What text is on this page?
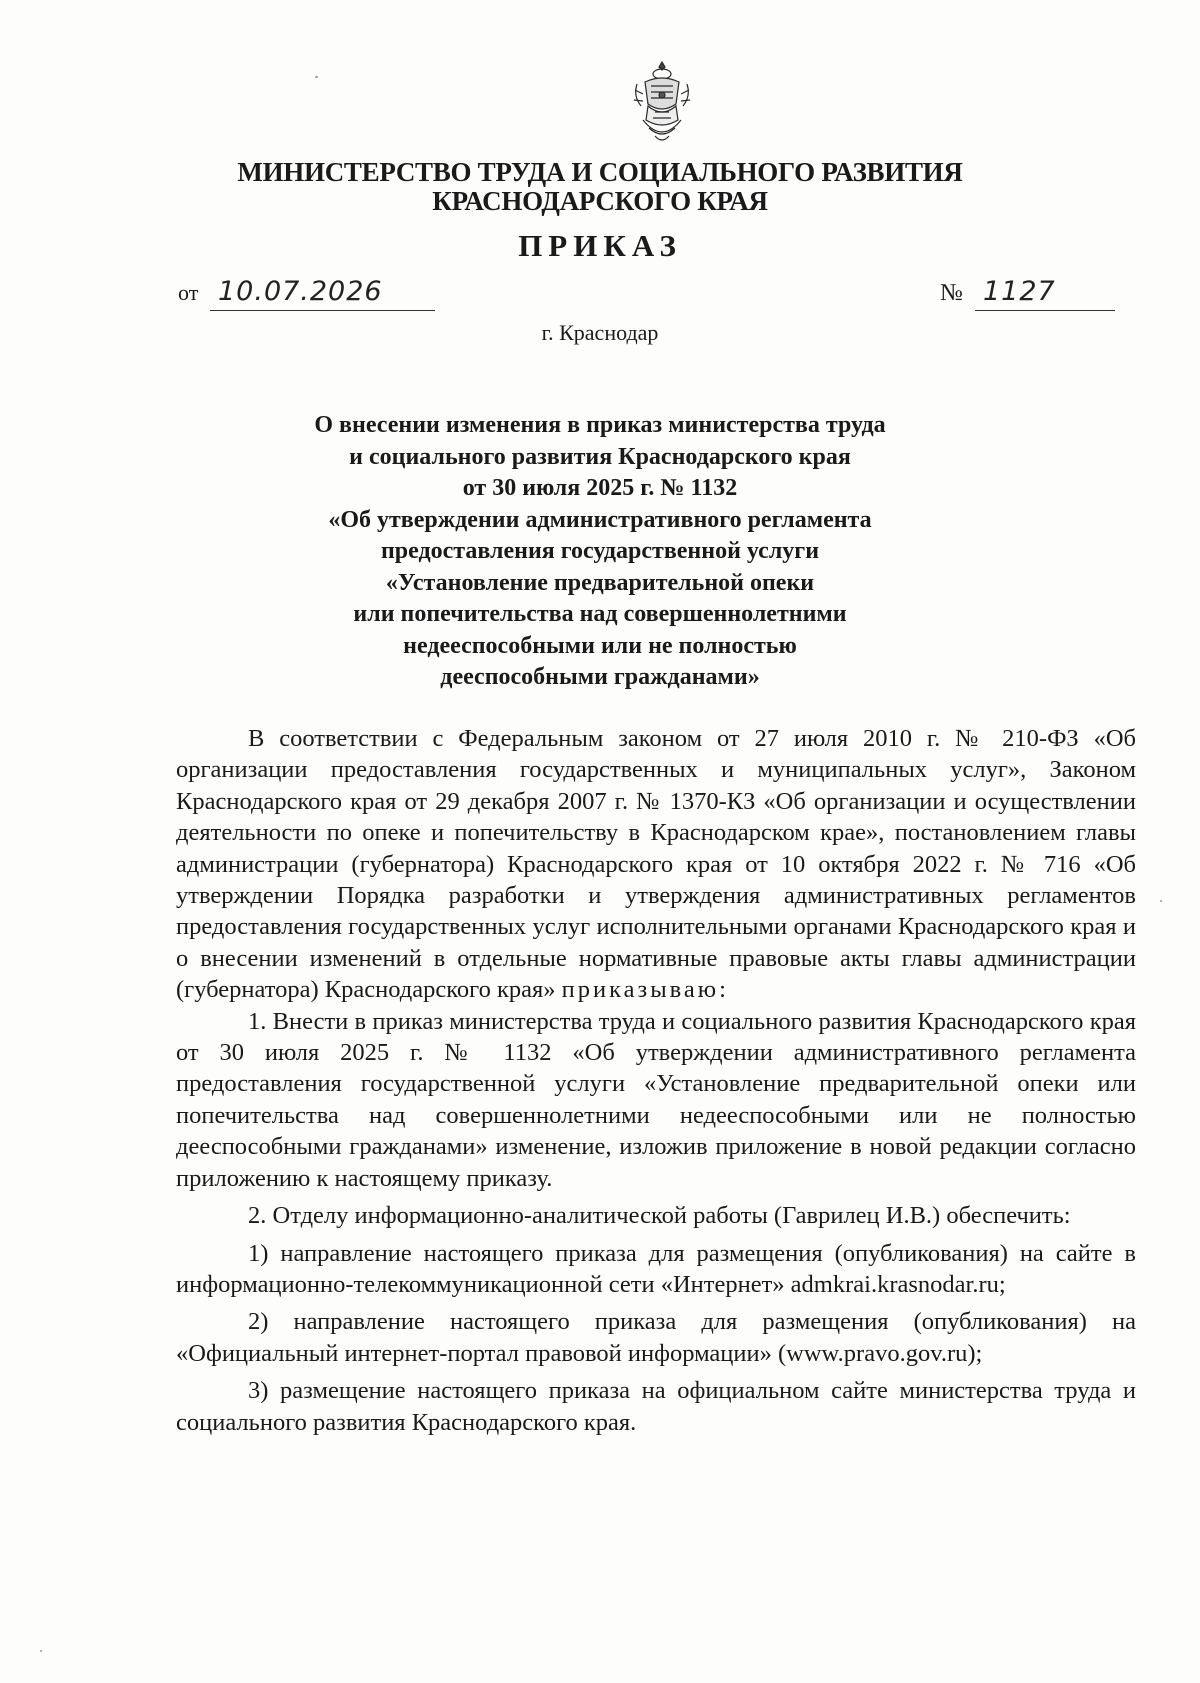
МИНИСТЕРСТВО ТРУДА И СОЦИАЛЬНОГО РАЗВИТИЯ
КРАСНОДАРСКОГО КРАЯ
ПРИКАЗ
от 10.07.2026	№ 1127
г. Краснодар
О внесении изменения в приказ министерства труда
и социального развития Краснодарского края
от 30 июля 2025 г. № 1132
«Об утверждении административного регламента
предоставления государственной услуги
«Установление предварительной опеки
или попечительства над совершеннолетними
недееспособными или не полностью
дееспособными гражданами»

В соответствии с Федеральным законом от 27 июля 2010 г. № 210-ФЗ «Об организации предоставления государственных и муниципальных услуг», Законом Краснодарского края от 29 декабря 2007 г. № 1370-КЗ «Об организации и осуществлении деятельности по опеке и попечительству в Краснодарском крае», постановлением главы администрации (губернатора) Краснодарского края от 10 октября 2022 г. № 716 «Об утверждении Порядка разработки и утверждения административных регламентов предоставления государственных услуг исполнительными органами Краснодарского края и о внесении изменений в отдельные нормативные правовые акты главы администрации (губернатора) Краснодарского края» приказываю:

1. Внести в приказ министерства труда и социального развития Краснодарского края от 30 июля 2025 г. № 1132 «Об утверждении административного регламента предоставления государственной услуги «Установление предварительной опеки или попечительства над совершеннолетними недееспособными или не полностью дееспособными гражданами» изменение, изложив приложение в новой редакции согласно приложению к настоящему приказу.

2. Отделу информационно-аналитической работы (Гаврилец И.В.) обеспечить:

1) направление настоящего приказа для размещения (опубликования) на сайте в информационно-телекоммуникационной сети «Интернет» admkrai.krasnodar.ru;

2) направление настоящего приказа для размещения (опубликования) на «Официальный интернет-портал правовой информации» (www.pravo.gov.ru);

3) размещение настоящего приказа на официальном сайте министерства труда и социального развития Краснодарского края.
